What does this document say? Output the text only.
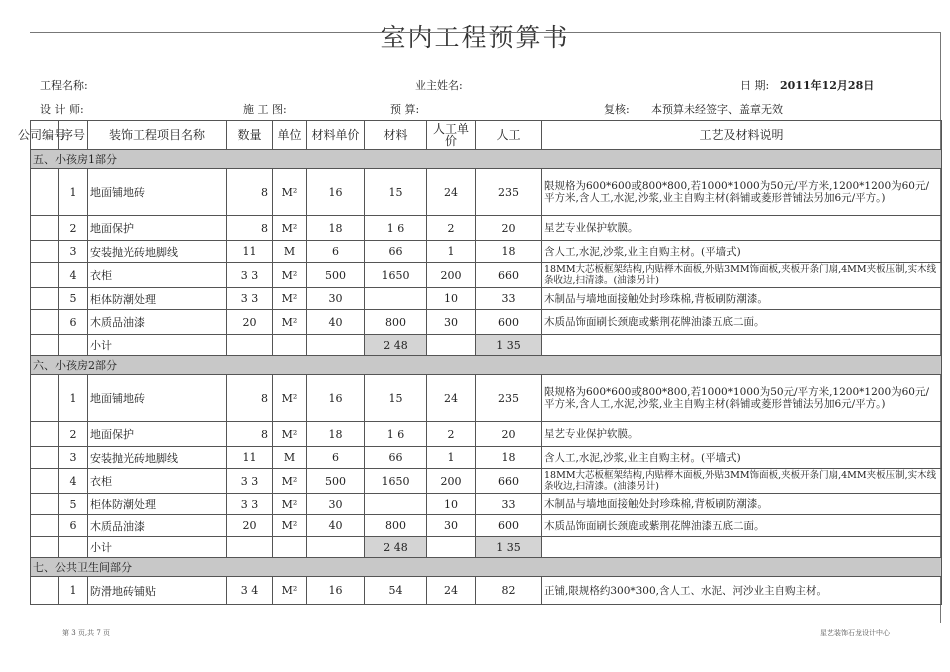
室内工程预算书
工程名称:	业主姓名:	日 期: 2011年12月28日
设 计 师:	施 工 图:	预 算:	复核: 本预算未经签字、盖章无效
公司编号
	序号	装饰工程项目名称	数量	单位	材料单价	材料	人工单价	人工	工艺及材料说明
五、小孩房1部分									
	1	地面铺地砖	8	M²	16	15	24	235	限规格为600*600或800*800,若1000*1000为50元/平方米,1200*1200为60元/平方米,含人工,水泥,沙浆,业主自购主材(斜铺或菱形普铺法另加6元/平方。)
	2	地面保护	8	M²	18	1 6	2	20	星艺专业保护软膜。
	3	安装抛光砖地脚线	11	M	6	66	1	18	含人工,水泥,沙浆,业主自购主材。(平墙式)
	4	衣柜	3 3	M²	500	1650	200	660	18MM大芯板框架结构,内贴榉木面板,外贴3MM饰面板,夹板开条门扇,4MM夹板压制,实木线条收边,扫清漆。(油漆另计)
	5	柜体防潮处理	3 3	M²	30		10	33	木制品与墙地面接触处封珍珠棉,背板刷防潮漆。
	6	木质品油漆	20	M²	40	800	30	600	木质品饰面刷长颈鹿或紫荆花牌油漆五底二面。
		小计				2 48		1 35	
六、小孩房2部分									
	1	地面铺地砖	8	M²	16	15	24	235	限规格为600*600或800*800,若1000*1000为50元/平方米,1200*1200为60元/平方米,含人工,水泥,沙浆,业主自购主材(斜铺或菱形普铺法另加6元/平方。)
	2	地面保护	8	M²	18	1 6	2	20	星艺专业保护软膜。
	3	安装抛光砖地脚线	11	M	6	66	1	18	含人工,水泥,沙浆,业主自购主材。(平墙式)
	4	衣柜	3 3	M²	500	1650	200	660	18MM大芯板框架结构,内贴榉木面板,外贴3MM饰面板,夹板开条门扇,4MM夹板压制,实木线条收边,扫清漆。(油漆另计)
	5	柜体防潮处理	3 3	M²	30		10	33	木制品与墙地面接触处封珍珠棉,背板刷防潮漆。
	6	木质品油漆	20	M²	40	800	30	600	木质品饰面刷长颈鹿或紫荆花牌油漆五底二面。
		小计				2 48		1 35	
七、公共卫生间部分									
	1	防滑地砖铺贴	3 4	M²	16	54	24	82	正铺,限规格约300*300,含人工、水泥、河沙业主自购主材。
第 3 页,共 7 页	星艺装饰石龙设计中心
